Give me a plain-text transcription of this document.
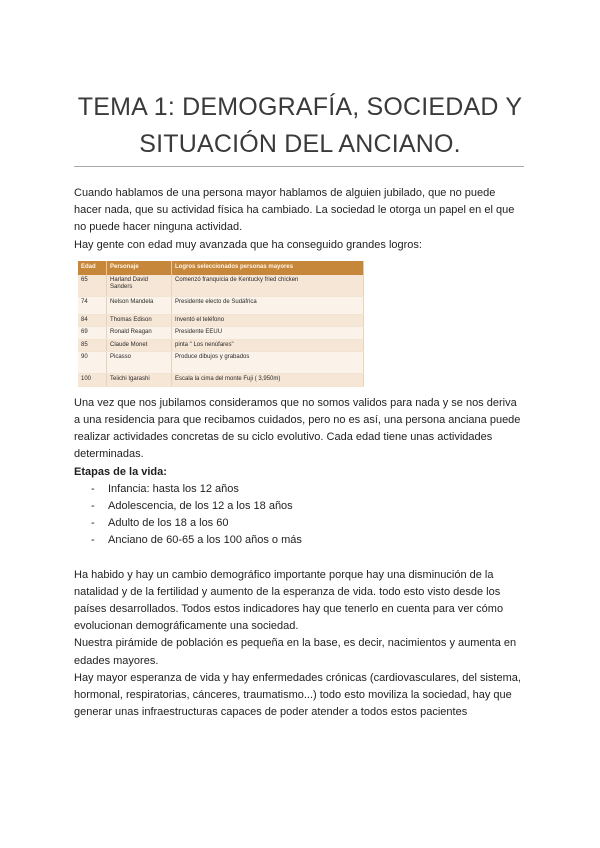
TEMA 1: DEMOGRAFÍA, SOCIEDAD Y SITUACIÓN DEL ANCIANO.

Cuando hablamos de una persona mayor hablamos de alguien jubilado, que no puede hacer nada, que su actividad física ha cambiado. La sociedad le otorga un papel en el que no puede hacer ninguna actividad.

Hay gente con edad muy avanzada que ha conseguido grandes logros:

Edad	Personaje	Logros seleccionados personas mayores
65	Harland David Sanders	Comenzó franquicia de Kentucky fried chicken
74	Nelson Mandela	Presidente electo de Sudáfrica
84	Thomas Edison	Inventó el teléfono
69	Ronald Reagan	Presidente EEUU
85	Claude Monet	pinta " Los nenúfares"
90	Picasso	Produce dibujos y grabados
100	Teiichi Igarashi	Escala la cima del monte Fuji ( 3,950m)

Una vez que nos jubilamos consideramos que no somos validos para nada y se nos deriva a una residencia para que recibamos cuidados, pero no es así, una persona anciana puede realizar actividades concretas de su ciclo evolutivo. Cada edad tiene unas actividades determinadas.

Etapas de la vida:

- Infancia: hasta los 12 años
- Adolescencia, de los 12 a los 18 años
- Adulto de los 18 a los 60
- Anciano de 60-65 a los 100 años o más

Ha habido y hay un cambio demográfico importante porque hay una disminución de la natalidad y de la fertilidad y aumento de la esperanza de vida. todo esto visto desde los países desarrollados. Todos estos indicadores hay que tenerlo en cuenta para ver cómo evolucionan demográficamente una sociedad.

Nuestra pirámide de población es pequeña en la base, es decir, nacimientos y aumenta en edades mayores.

Hay mayor esperanza de vida y hay enfermedades crónicas (cardiovasculares, del sistema, hormonal, respiratorias, cánceres, traumatismo...) todo esto moviliza la sociedad, hay que generar unas infraestructuras capaces de poder atender a todos estos pacientes
